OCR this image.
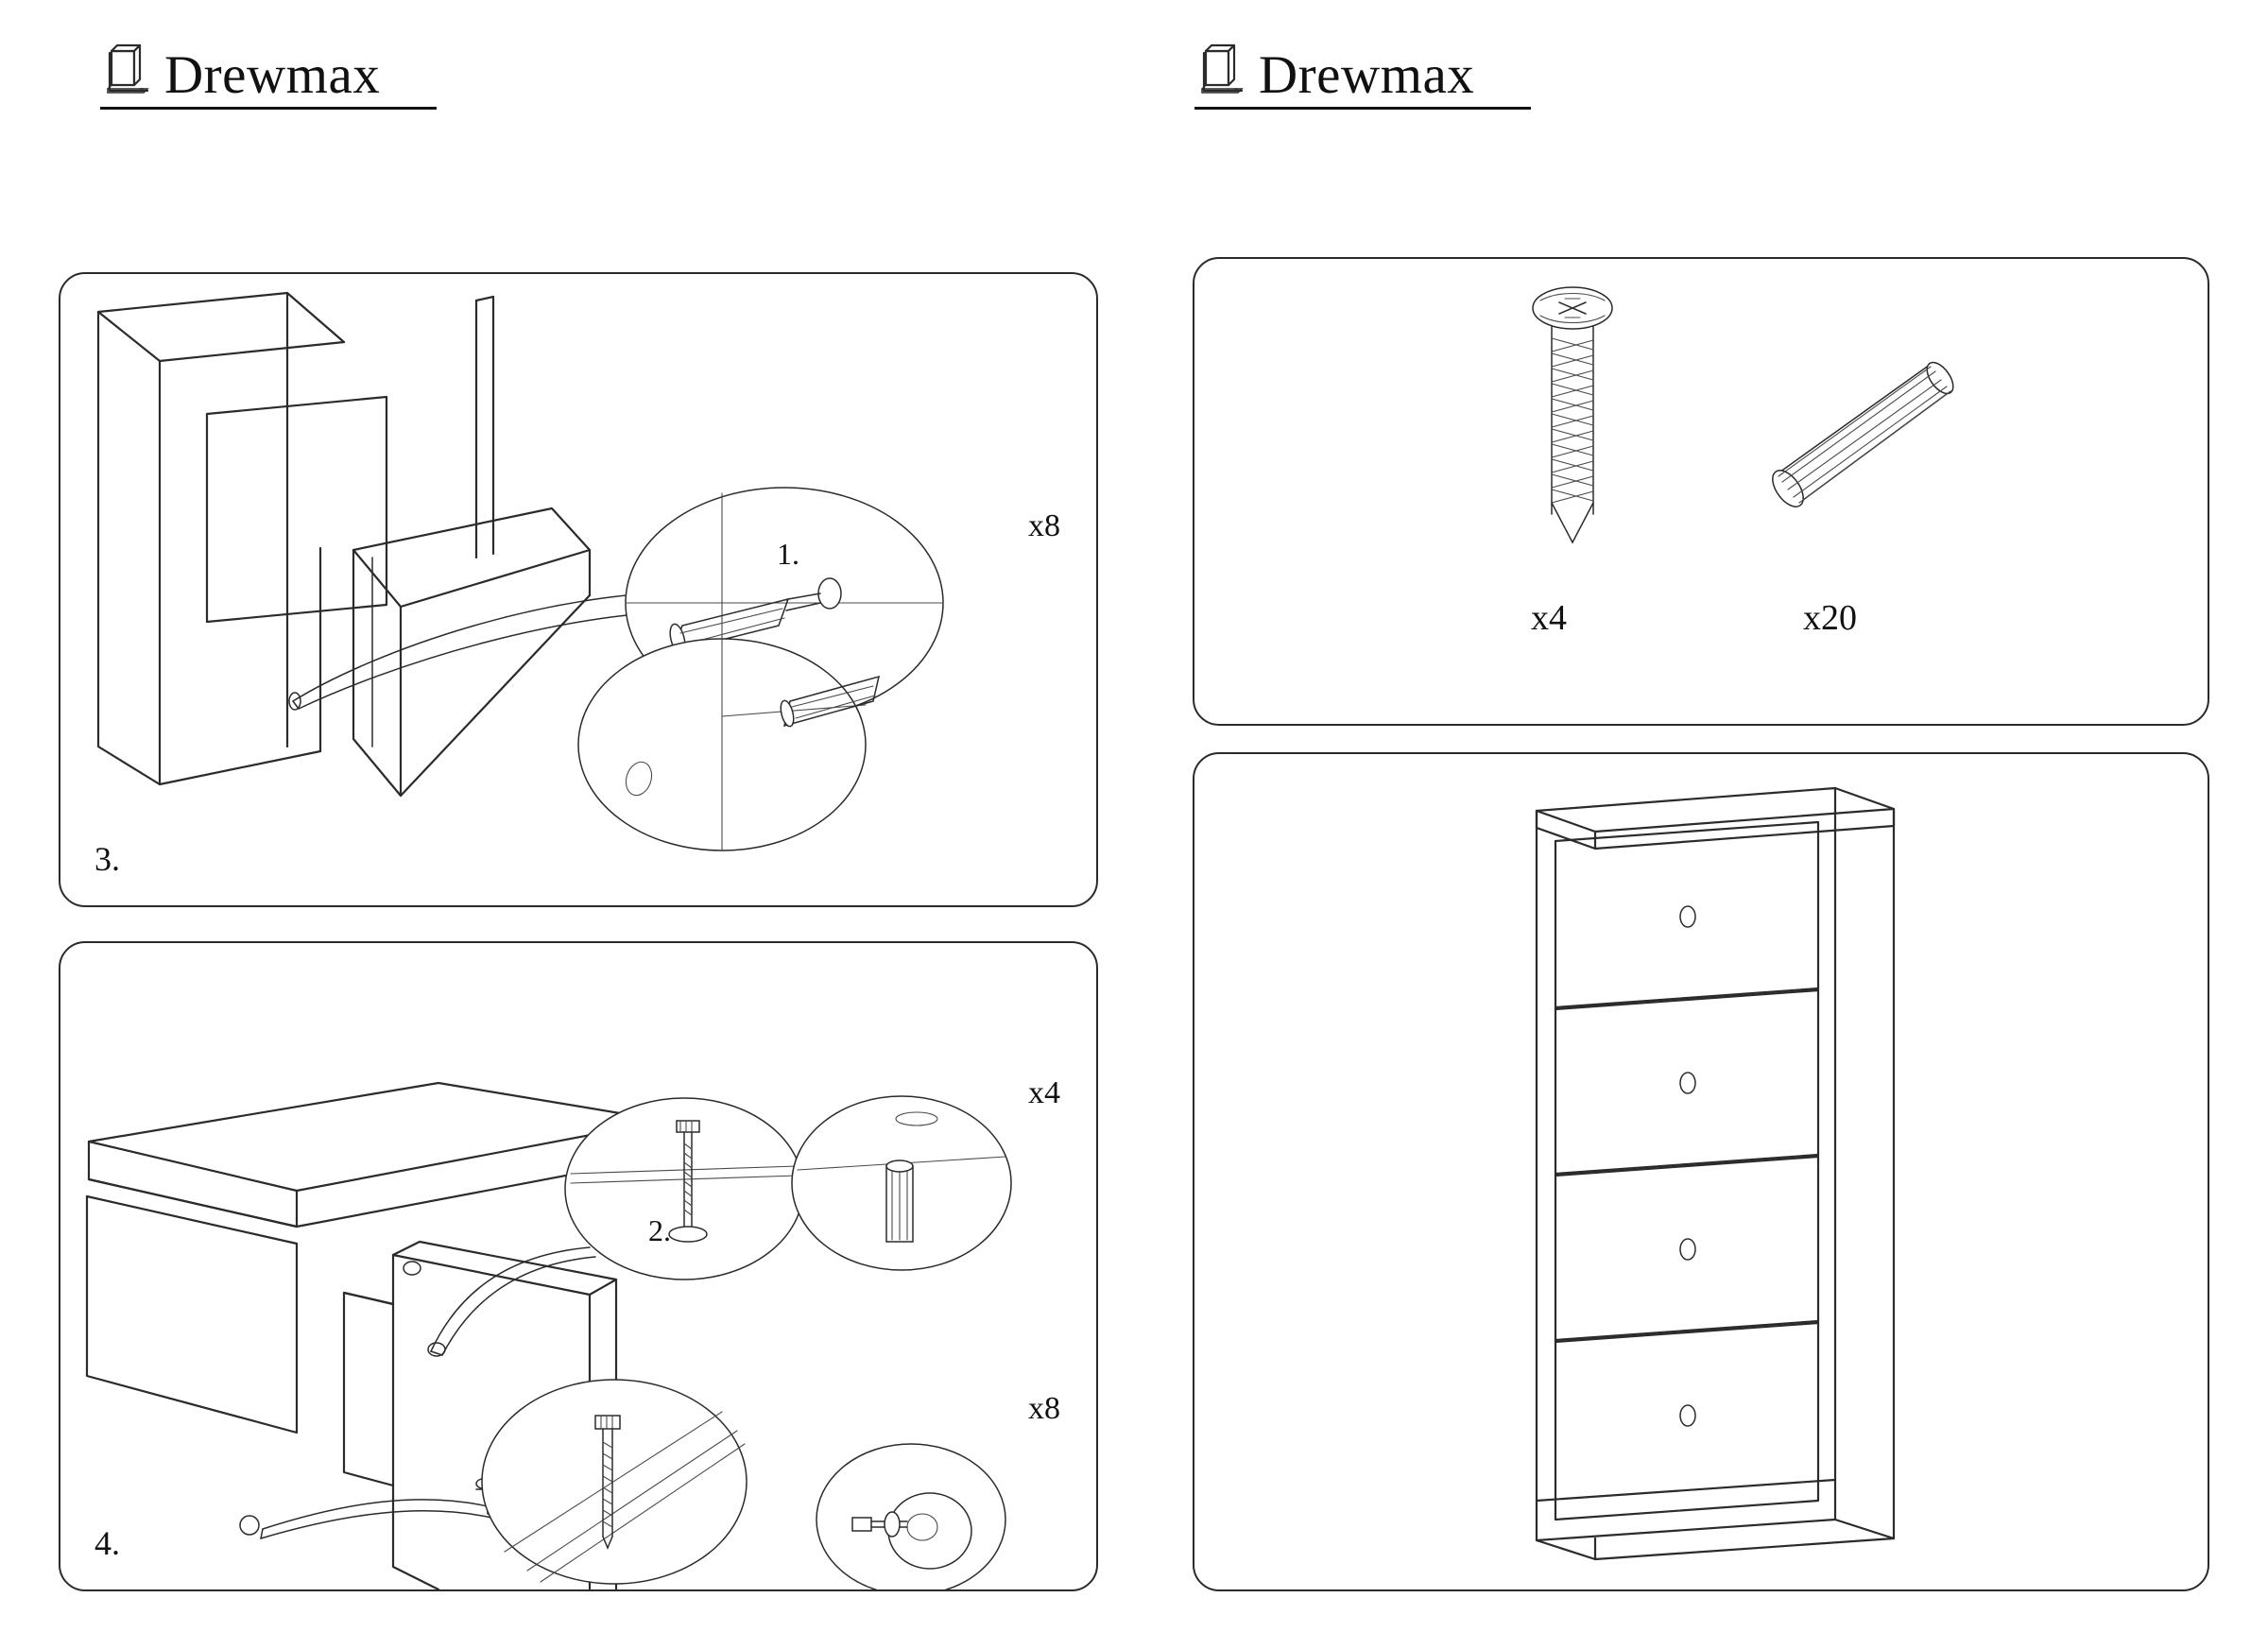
Drewmax
3.
1.
x8
4.
2.
x4
x8
Drewmax
x4	x20
